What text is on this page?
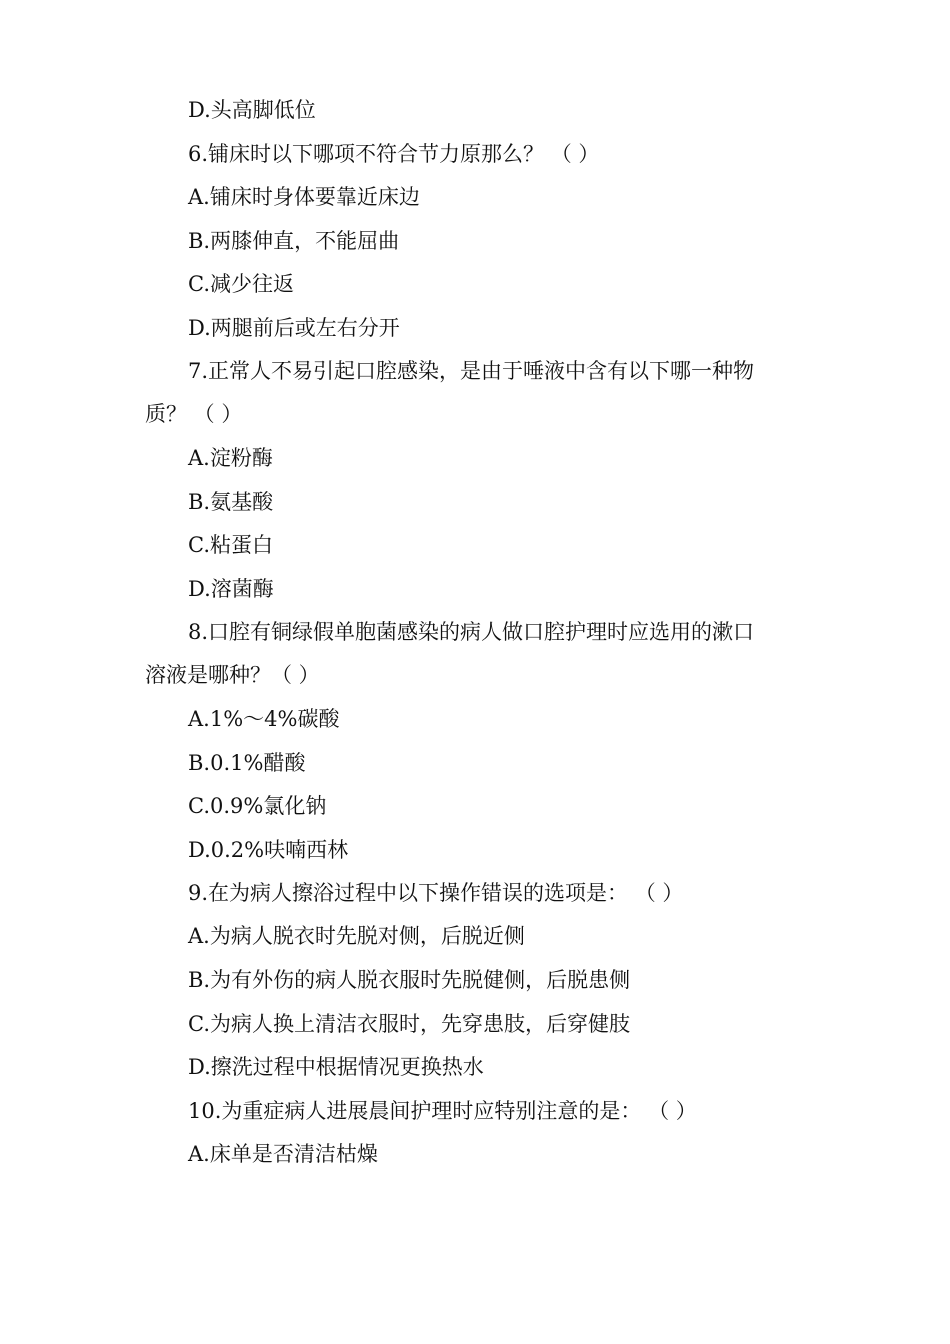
D.头高脚低位
6.铺床时以下哪项不符合节力原那么？ （ ）
A.铺床时身体要靠近床边
B.两膝伸直，不能屈曲
C.减少往返
D.两腿前后或左右分开
7.正常人不易引起口腔感染，是由于唾液中含有以下哪一种物
质？ （ ）
A.淀粉酶
B.氨基酸
C.粘蛋白
D.溶菌酶
8.口腔有铜绿假单胞菌感染的病人做口腔护理时应选用的漱口
溶液是哪种？（ ）
A.1%～4%碳酸
B.0.1%醋酸
C.0.9%氯化钠
D.0.2%呋喃西林
9.在为病人擦浴过程中以下操作错误的选项是： （ ）
A.为病人脱衣时先脱对侧，后脱近侧
B.为有外伤的病人脱衣服时先脱健侧，后脱患侧
C.为病人换上清洁衣服时，先穿患肢，后穿健肢
D.擦洗过程中根据情况更换热水
10.为重症病人进展晨间护理时应特别注意的是： （ ）
A.床单是否清洁枯燥
